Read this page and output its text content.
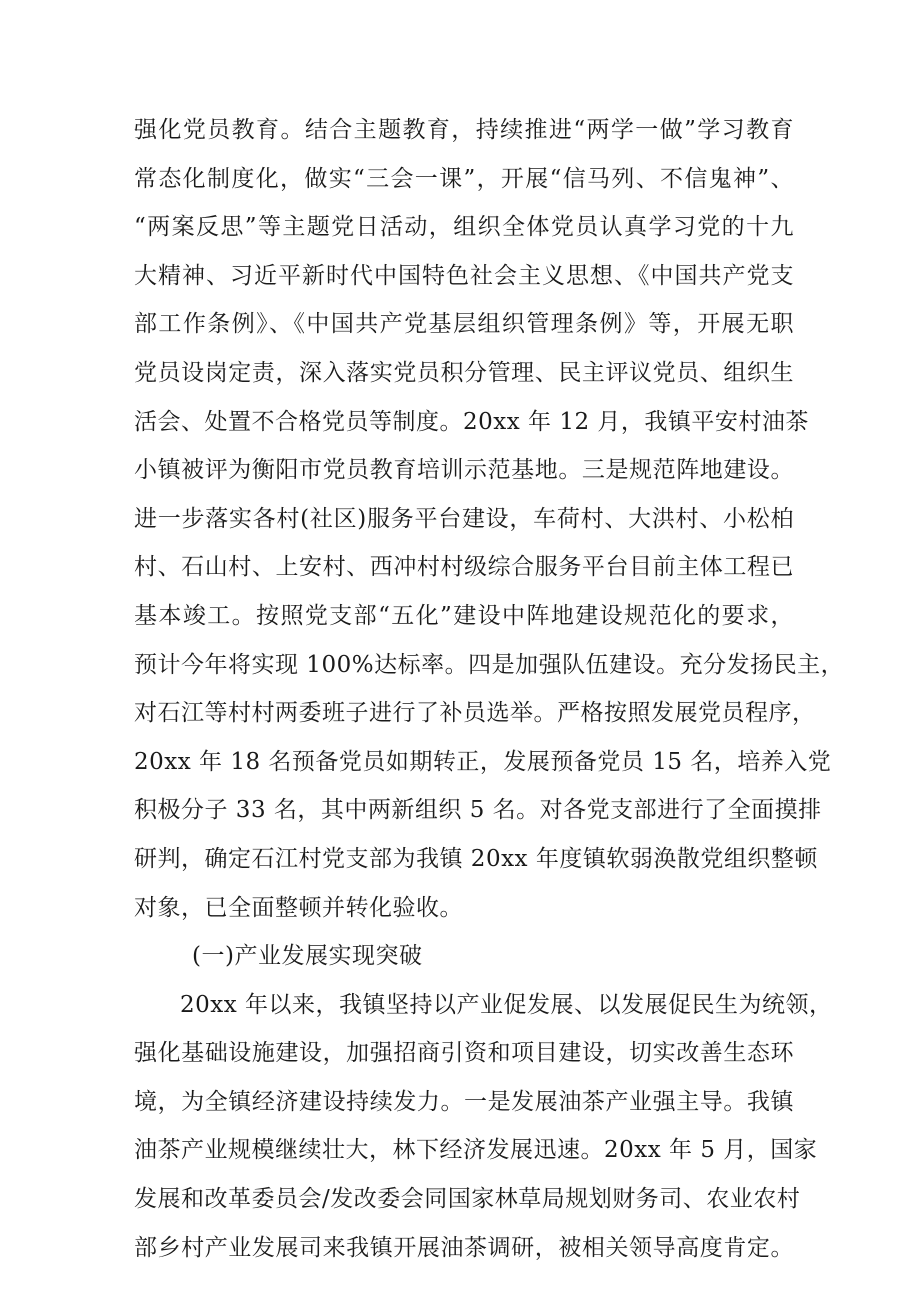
强化党员教育。结合主题教育，持续推进“两学一做”学习教育
常态化制度化，做实“三会一课”，开展“信马列、不信鬼神”、
“两案反思”等主题党日活动，组织全体党员认真学习党的十九
大精神、习近平新时代中国特色社会主义思想、《中国共产党支
部工作条例》、《中国共产党基层组织管理条例》等，开展无职
党员设岗定责，深入落实党员积分管理、民主评议党员、组织生
活会、处置不合格党员等制度。20xx 年 12 月，我镇平安村油茶
小镇被评为衡阳市党员教育培训示范基地。三是规范阵地建设。
进一步落实各村(社区)服务平台建设，车荷村、大洪村、小松柏
村、石山村、上安村、西冲村村级综合服务平台目前主体工程已
基本竣工。按照党支部“五化”建设中阵地建设规范化的要求，
预计今年将实现 100%达标率。四是加强队伍建设。充分发扬民主，
对石江等村村两委班子进行了补员选举。严格按照发展党员程序，
20xx 年 18 名预备党员如期转正，发展预备党员 15 名，培养入党
积极分子 33 名，其中两新组织 5 名。对各党支部进行了全面摸排
研判，确定石江村党支部为我镇 20xx 年度镇软弱涣散党组织整顿
对象，已全面整顿并转化验收。
(一)产业发展实现突破
20xx 年以来，我镇坚持以产业促发展、以发展促民生为统领，
强化基础设施建设，加强招商引资和项目建设，切实改善生态环
境，为全镇经济建设持续发力。一是发展油茶产业强主导。我镇
油茶产业规模继续壮大，林下经济发展迅速。20xx 年 5 月，国家
发展和改革委员会/发改委会同国家林草局规划财务司、农业农村
部乡村产业发展司来我镇开展油茶调研，被相关领导高度肯定。
